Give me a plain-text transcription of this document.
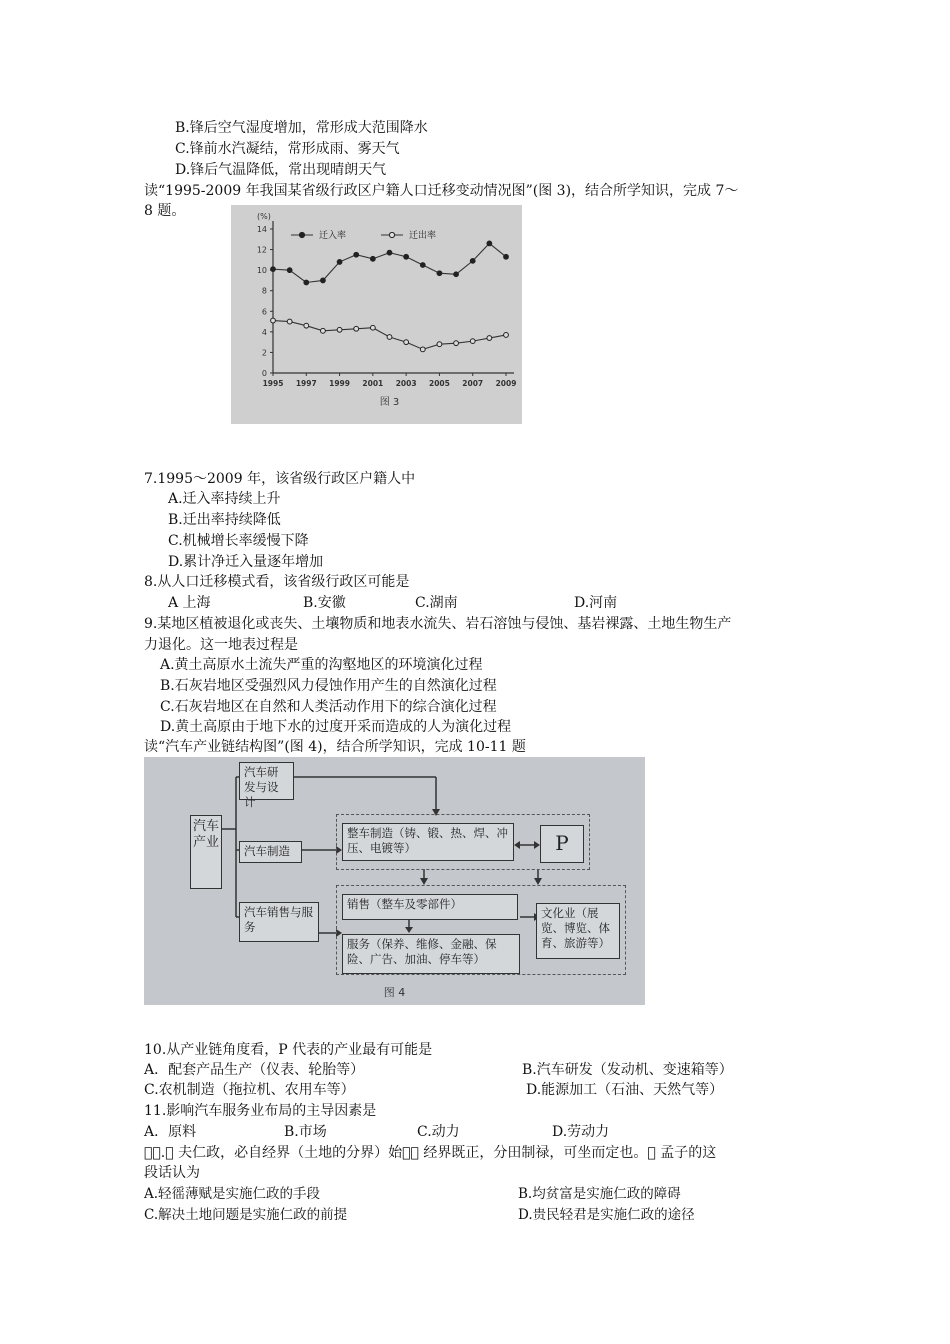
B.锋后空气湿度增加，常形成大范围降水
C.锋前水汽凝结，常形成雨、雾天气
D.锋后气温降低，常出现晴朗天气
读“1995-2009 年我国某省级行政区户籍人口迁移变动情况图”(图 3)，结合所学知识，完成 7～
8 题。	(%)
0
2
4
6
8
10
12
14
1995 1997 1999 2001 2003 2005 2007 2009
迁入率	迁出率
图 3
7.1995～2009 年，该省级行政区户籍人中
A.迁入率持续上升
B.迁出率持续降低
C.机械增长率缓慢下降
D.累计净迁入量逐年增加
8.从人口迁移模式看，该省级行政区可能是
A 上海	B.安徽	C.湖南	D.河南
9.某地区植被退化或丧失、土壤物质和地表水流失、岩石溶蚀与侵蚀、基岩裸露、土地生物生产
力退化。这一地表过程是
A.黄土高原水土流失严重的沟壑地区的环境演化过程
B.石灰岩地区受强烈风力侵蚀作用产生的自然演化过程
C.石灰岩地区在自然和人类活动作用下的综合演化过程
D.黄土高原由于地下水的过度开采而造成的人为演化过程
读“汽车产业链结构图”(图 4)，结合所学知识，完成 10-11 题
汽车产业
汽车研发与设计
汽车制造
汽车销售与服务
整车制造（铸、锻、热、焊、冲压、电镀等）	P
销售（整车及零部件）
服务（保养、维修、金融、保险、广告、加油、停车等）
文化业（展览、博览、体育、旅游等）
图 4
10.从产业链角度看，P 代表的产业最有可能是
A．配套产品生产（仪表、轮胎等）	B.汽车研发（发动机、变速箱等）
C.农机制造（拖拉机、农用车等）	D.能源加工（石油、天然气等）
11.影响汽车服务业布局的主导因素是
A．原料	B.市场	C.动力	D.劳动力
  .  夫仁政，必自经界（土地的分界）始   经界既正，分田制禄，可坐而定也。  孟子的这
段话认为
A.轻徭薄赋是实施仁政的手段	B.均贫富是实施仁政的障碍
C.解决土地问题是实施仁政的前提	D.贵民轻君是实施仁政的途径
